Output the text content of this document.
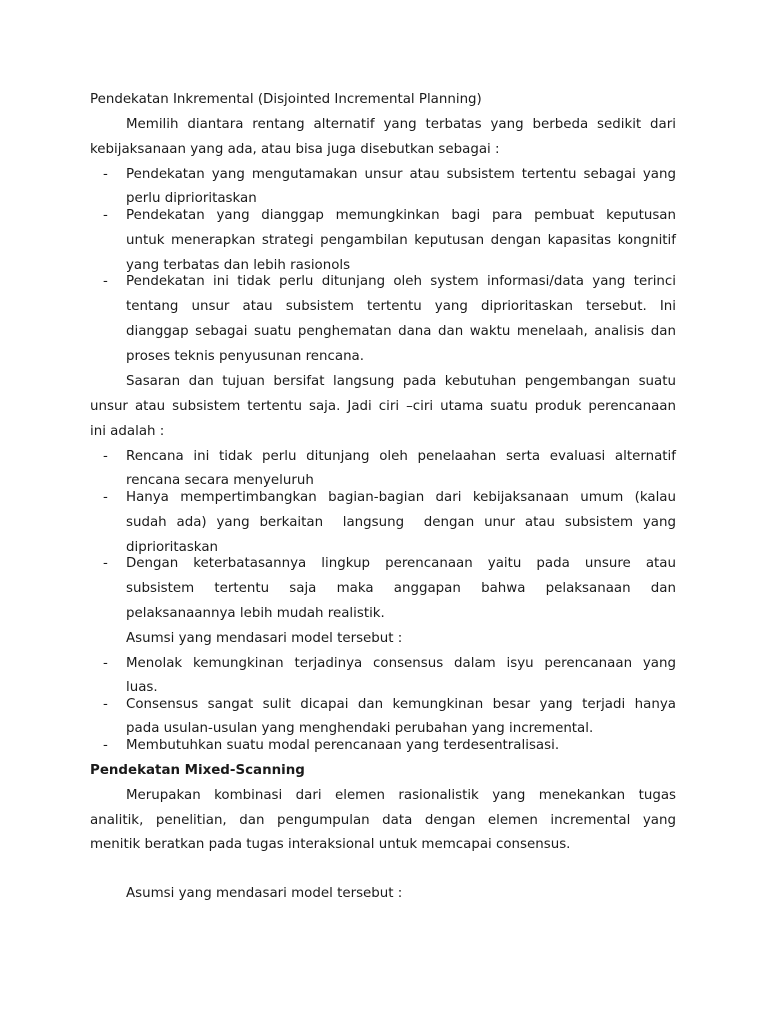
Pendekatan Inkremental (Disjointed Incremental Planning)
Memilih diantara rentang alternatif yang terbatas yang berbeda sedikit dari
kebijaksanaan yang ada, atau bisa juga disebutkan sebagai :
- Pendekatan yang mengutamakan unsur atau subsistem tertentu sebagai yang
perlu diprioritaskan
- Pendekatan yang dianggap memungkinkan bagi para pembuat keputusan
untuk menerapkan strategi pengambilan keputusan dengan kapasitas kongnitif
yang terbatas dan lebih rasionols
- Pendekatan ini tidak perlu ditunjang oleh system informasi/data yang terinci
tentang unsur atau subsistem tertentu yang diprioritaskan tersebut. Ini
dianggap sebagai suatu penghematan dana dan waktu menelaah, analisis dan
proses teknis penyusunan rencana.
Sasaran dan tujuan bersifat langsung pada kebutuhan pengembangan suatu
unsur atau subsistem tertentu saja. Jadi ciri –ciri utama suatu produk perencanaan
ini adalah :
- Rencana ini tidak perlu ditunjang oleh penelaahan serta evaluasi alternatif
rencana secara menyeluruh
- Hanya mempertimbangkan bagian-bagian dari kebijaksanaan umum (kalau
sudah ada) yang berkaitan  langsung  dengan unur atau subsistem yang
diprioritaskan
- Dengan keterbatasannya lingkup perencanaan yaitu pada unsure atau
subsistem tertentu saja maka anggapan bahwa pelaksanaan dan
pelaksanaannya lebih mudah realistik.
Asumsi yang mendasari model tersebut :
- Menolak kemungkinan terjadinya consensus dalam isyu perencanaan yang
luas.
- Consensus sangat sulit dicapai dan kemungkinan besar yang terjadi hanya
pada usulan-usulan yang menghendaki perubahan yang incremental.
- Membutuhkan suatu modal perencanaan yang terdesentralisasi.
Pendekatan Mixed-Scanning
Merupakan kombinasi dari elemen rasionalistik yang menekankan tugas
analitik, penelitian, dan pengumpulan data dengan elemen incremental yang
menitik beratkan pada tugas interaksional untuk memcapai consensus.
Asumsi yang mendasari model tersebut :
